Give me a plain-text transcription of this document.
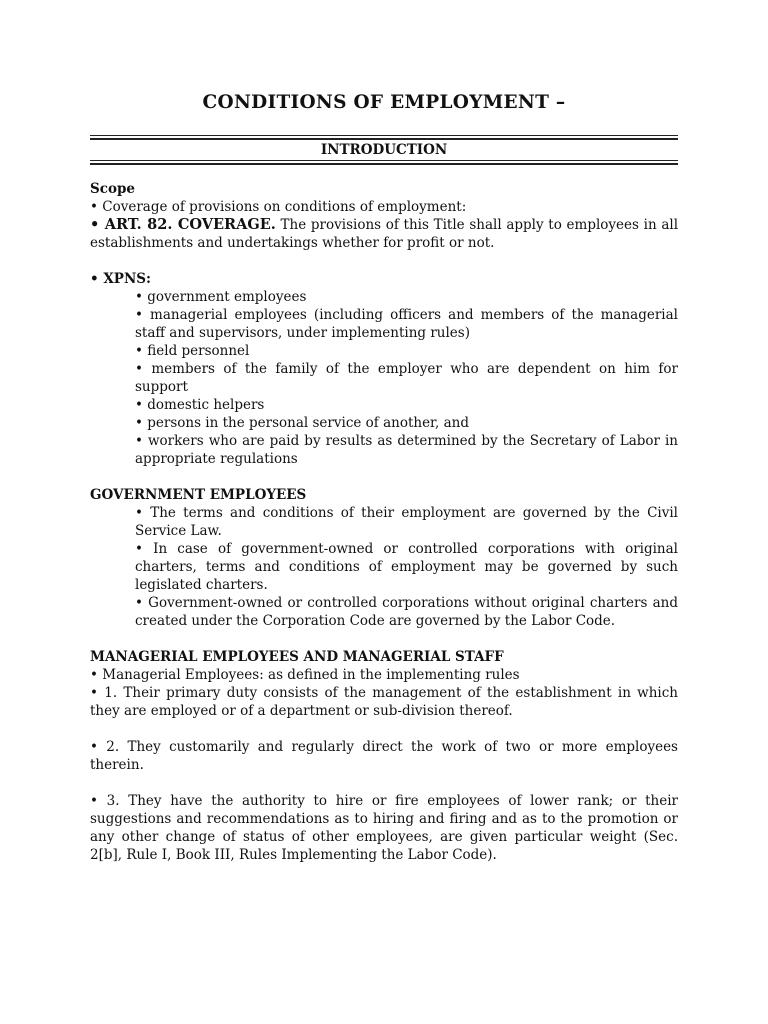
CONDITIONS OF EMPLOYMENT –
INTRODUCTION

Scope

• Coverage of provisions on conditions of employment:

• ART. 82. COVERAGE. The provisions of this Title shall apply to employees in all establishments and undertakings whether for profit or not.

• XPNS:

• government employees

• managerial employees (including officers and members of the managerial staff and supervisors, under implementing rules)

• field personnel

• members of the family of the employer who are dependent on him for support

• domestic helpers

• persons in the personal service of another, and

• workers who are paid by results as determined by the Secretary of Labor in appropriate regulations

GOVERNMENT EMPLOYEES

• The terms and conditions of their employment are governed by the Civil Service Law.

• In case of government-owned or controlled corporations with original charters, terms and conditions of employment may be governed by such legislated charters.

• Government-owned or controlled corporations without original charters and created under the Corporation Code are governed by the Labor Code.

MANAGERIAL EMPLOYEES AND MANAGERIAL STAFF

• Managerial Employees: as defined in the implementing rules

• 1. Their primary duty consists of the management of the establishment in which they are employed or of a department or sub-division thereof.

• 2. They customarily and regularly direct the work of two or more employees therein.

• 3. They have the authority to hire or fire employees of lower rank; or their suggestions and recommendations as to hiring and firing and as to the promotion or any other change of status of other employees, are given particular weight (Sec. 2[b], Rule I, Book III, Rules Implementing the Labor Code).
